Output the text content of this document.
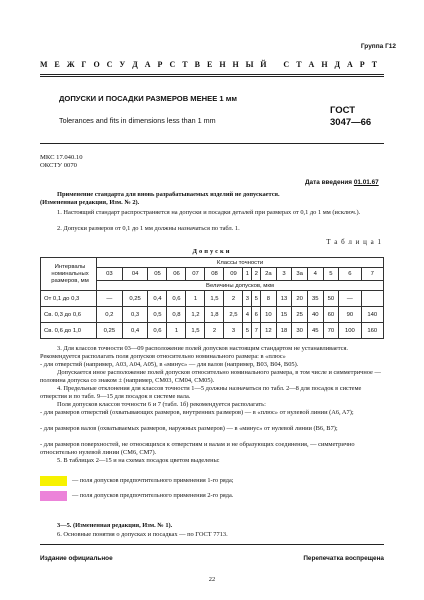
Группа Г12
М
Е
Ж
Г
О
С
У
Д
А
Р
С
Т
В
Е
Н
Н
Ы
Й С
Т
А
Н
Д
А
Р
Т
ДОПУСКИ И ПОСАДКИ РАЗМЕРОВ МЕНЕЕ 1 мм
Tolerances and fits in dimensions less than 1 mm
ГОСТ
3047—66
МКС 17.040.10
ОКСТУ 0070
Дата введения 01.01.67
Применение стандарта для вновь разрабатываемых изделий не допускается.
(Измененная редакция, Изм. № 2).
1. Настоящий стандарт распространяется на допуски и посадки деталей при размерах от 0,1 до 1 мм (исключ.).
2. Допуски размеров от 0,1 до 1 мм должны назначаться по табл. 1.
Т а б л и ц а 1
Допуски
Интервалы номинальных размеров, мм	Классы точности															
	03	04	05	06	07	08	09	1	2	2а	3	3а	4	5	6	7
	Величины допусков, мкм															
От 0,1 до 0,3	—	0,25	0,4	0,6	1	1,5	2	3	5	8	13	20	35	50	—	
Св. 0,3 до 0,6	0,2	0,3	0,5	0,8	1,2	1,8	2,5	4	6	10	15	25	40	60	90	140
Св. 0,6 до 1,0	0,25	0,4	0,6	1	1,5	2	3	5	7	12	18	30	45	70	100	160
3. Для классов точности 03—09 расположение полей допусков настоящим стандартом не устанавливается. Рекомендуется располагать поля допусков относительно номинального размера: в «плюс»
- для отверстий (например, A03, A04, A05), в «минус» — для валов (например, B03, B04, B05).
Допускается иное расположение полей допусков относительно номинального размера, в том числе и симметричное — половина допуска со знаком ± (например, CM03, CM04, CM05).
4. Предельные отклонения для классов точности 1—5 должны назначаться по табл. 2—8 для посадок в системе отверстия и по табл. 9—15 для посадок в системе вала.
Поля допусков классов точности 6 и 7 (табл. 1б) рекомендуется располагать:
- для размеров отверстий (охватывающих размеров, внутренних размеров) — в «плюс» от нулевой линии (A6, A7);
- для размеров валов (охватываемых размеров, наружных размеров) — в «минус» от нулевой линии (B6, B7);
- для размеров поверхностей, не относящихся к отверстиям и валам и не образующих соединения, — симметрично относительно нулевой линии (CM6, CM7).
5. В таблицах 2—15 и на схемах посадок цветом выделены:
— поля допусков предпочтительного применения 1-го ряда;
— поля допусков предпочтительного применения 2-го ряда.
3—5. (Измененная редакция, Изм. № 1).
6. Основные понятия о допусках и посадках — по ГОСТ 7713.
Издание официальное	Перепечатка воспрещена
22
